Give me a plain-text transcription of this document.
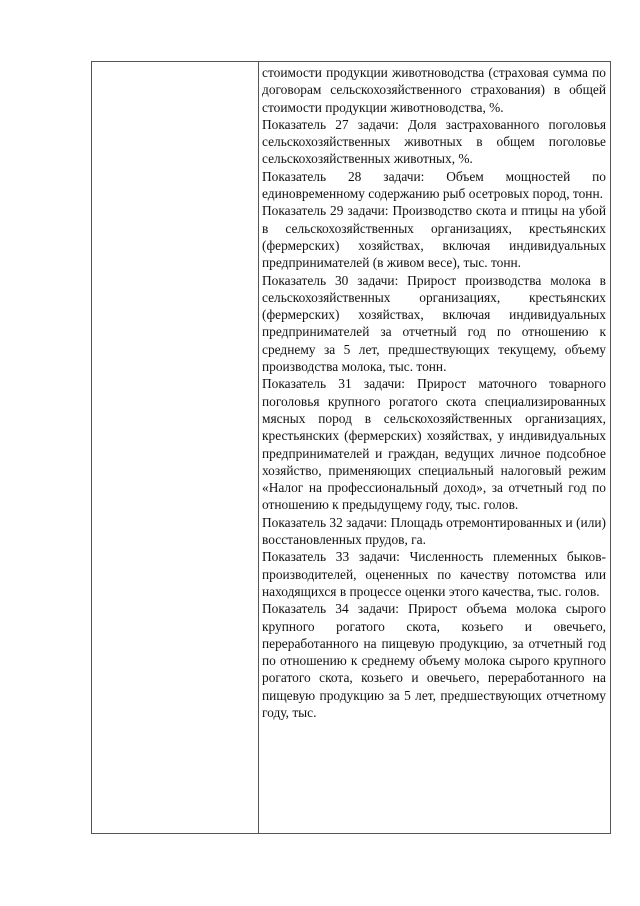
стоимости продукции животноводства (страховая сумма по договорам сельскохозяйственного страхования) в общей стоимости продукции животноводства, %.

Показатель 27 задачи: Доля застрахованного поголовья сельскохозяйственных животных в общем поголовье сельскохозяйственных животных, %.

Показатель 28 задачи: Объем мощностей по единовременному содержанию рыб осетровых пород, тонн.

Показатель 29 задачи: Производство скота и птицы на убой в сельскохозяйственных организациях, крестьянских (фермерских) хозяйствах, включая индивидуальных предпринимателей (в живом весе), тыс. тонн.

Показатель 30 задачи: Прирост производства молока в сельскохозяйственных организациях, крестьянских (фермерских) хозяйствах, включая индивидуальных предпринимателей за отчетный год по отношению к среднему за 5 лет, предшествующих текущему, объему производства молока, тыс. тонн.

Показатель 31 задачи: Прирост маточного товарного поголовья крупного рогатого скота специализированных мясных пород в сельскохозяйственных организациях, крестьянских (фермерских) хозяйствах, у индивидуальных предпринимателей и граждан, ведущих личное подсобное хозяйство, применяющих специальный налоговый режим «Налог на профессиональный доход», за отчетный год по отношению к предыдущему году, тыс. голов.

Показатель 32 задачи: Площадь отремонтированных и (или) восстановленных прудов, га.

Показатель 33 задачи: Численность племенных быков-производителей, оцененных по качеству потомства или находящихся в процессе оценки этого качества, тыс. голов.

Показатель 34 задачи: Прирост объема молока сырого крупного рогатого скота, козьего и овечьего, переработанного на пищевую продукцию, за отчетный год по отношению к среднему объему молока сырого крупного рогатого скота, козьего и овечьего, переработанного на пищевую продукцию за 5 лет, предшествующих отчетному году, тыс.
